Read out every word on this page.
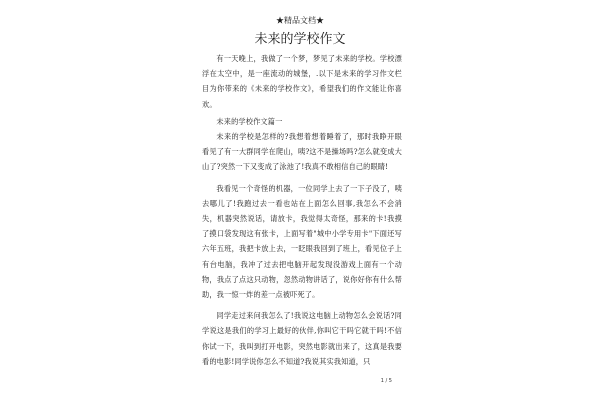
★精品文档★
未来的学校作文

有一天晚上，我做了一个梦，梦见了未来的学校。学校漂浮在太空中，是一座流动的城堡，.以下是未来的学习作文栏目为你带来的《未来的学校作文》，希望我们的作文能让你喜欢。

未来的学校作文篇一

未来的学校是怎样的?我想着想着睡着了，那时我睁开眼看见了有一大群同学在爬山，咦?这不是操场吗?怎么就变成大山了?突然一下又变成了泳池了!我真不敢相信自己的眼睛!

我看见一个奇怪的机器，一位同学上去了一下子没了，咦去哪儿了!我跑过去一看也站在上面怎么回事,我怎么不会消失，机器突然说话，请放卡，我觉得太奇怪，那来的卡!我摸了摸口袋发现这有张卡，上面写着"城中小学专用卡"下面还写六年五班，我把卡放上去，一眨眼我回到了班上，看见位子上有台电脑，我冲了过去把电脑开起发现没游戏上面有一个动物，我点了点这只动物，忽然动物讲话了，说你好你有什么帮助，我一惊一炸的差一点被吓死了。

同学走过来问我怎么了!我说这电脑上动物怎么会说话?同学说这是我们的学习上最好的伙伴,你叫它干吗它就干吗!不信你试一下，我叫到打开电影，突然电影就出来了，这真是我要看的电影!同学说你怎么不知道?我说其实我知道，只

1 / 5
